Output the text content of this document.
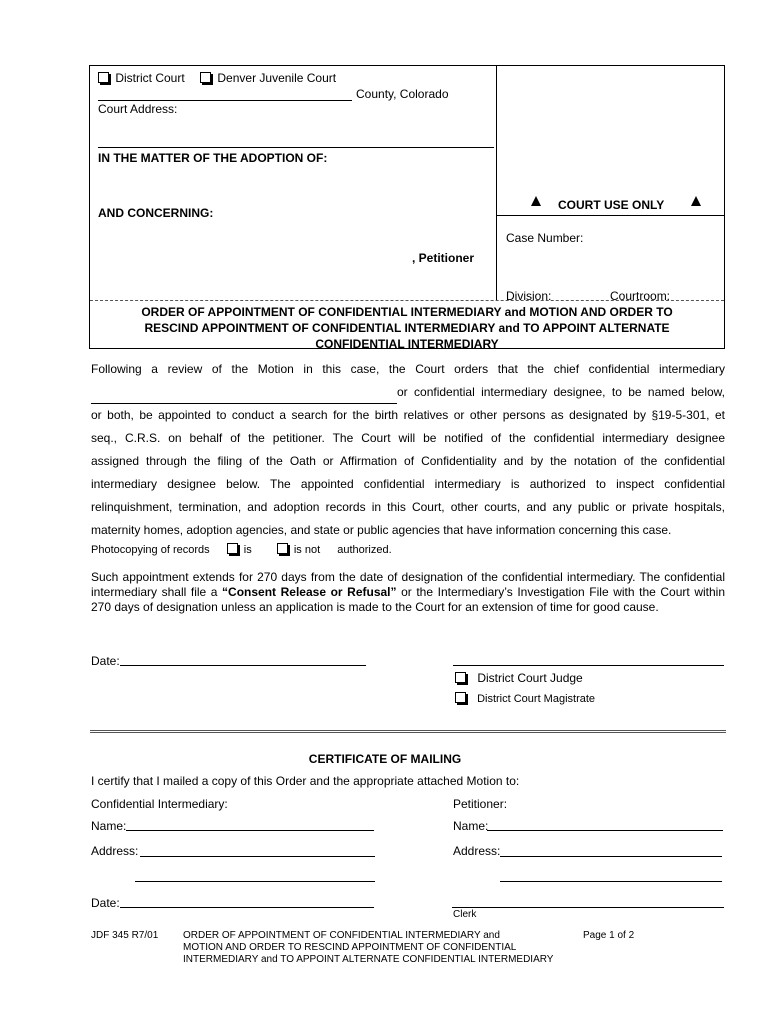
District Court	Denver Juvenile Court
County, Colorado
Court Address:
IN THE MATTER OF THE ADOPTION OF:
AND CONCERNING:
, Petitioner
COURT USE ONLY
Case Number:
Division:	Courtroom:
ORDER OF APPOINTMENT OF CONFIDENTIAL INTERMEDIARY and MOTION AND ORDER TO
RESCIND APPOINTMENT OF CONFIDENTIAL INTERMEDIARY and TO APPOINT ALTERNATE
CONFIDENTIAL INTERMEDIARY
Following a review of the Motion in this case, the Court orders that the chief confidential intermediary
or confidential intermediary designee, to be named below,
or both, be appointed to conduct a search for the birth relatives or other persons as designated by §19-5-301, et
seq., C.R.S. on behalf of the petitioner. The Court will be notified of the confidential intermediary designee
assigned through the filing of the Oath or Affirmation of Confidentiality and by the notation of the confidential
intermediary designee below. The appointed confidential intermediary is authorized to inspect confidential
relinquishment, termination, and adoption records in this Court, other courts, and any public or private hospitals,
maternity homes, adoption agencies, and state or public agencies that have information concerning this case.
Photocopying of records	is	is not authorized.
Such appointment extends for 270 days from the date of designation of the confidential intermediary. The confidential intermediary shall file a “Consent Release or Refusal” or the Intermediary’s Investigation File with the Court within 270 days of designation unless an application is made to the Court for an extension of time for good cause.
Date:
District Court Judge
District Court Magistrate
CERTIFICATE OF MAILING
I certify that I mailed a copy of this Order and the appropriate attached Motion to:
Confidential Intermediary:	Petitioner:
Name:	Name:
Address:	Address:
Date:
Clerk
JDF 345 R7/01 ORDER OF APPOINTMENT OF CONFIDENTIAL INTERMEDIARY and
MOTION AND ORDER TO RESCIND APPOINTMENT OF CONFIDENTIAL
INTERMEDIARY and TO APPOINT ALTERNATE CONFIDENTIAL INTERMEDIARY
Page 1 of 2
